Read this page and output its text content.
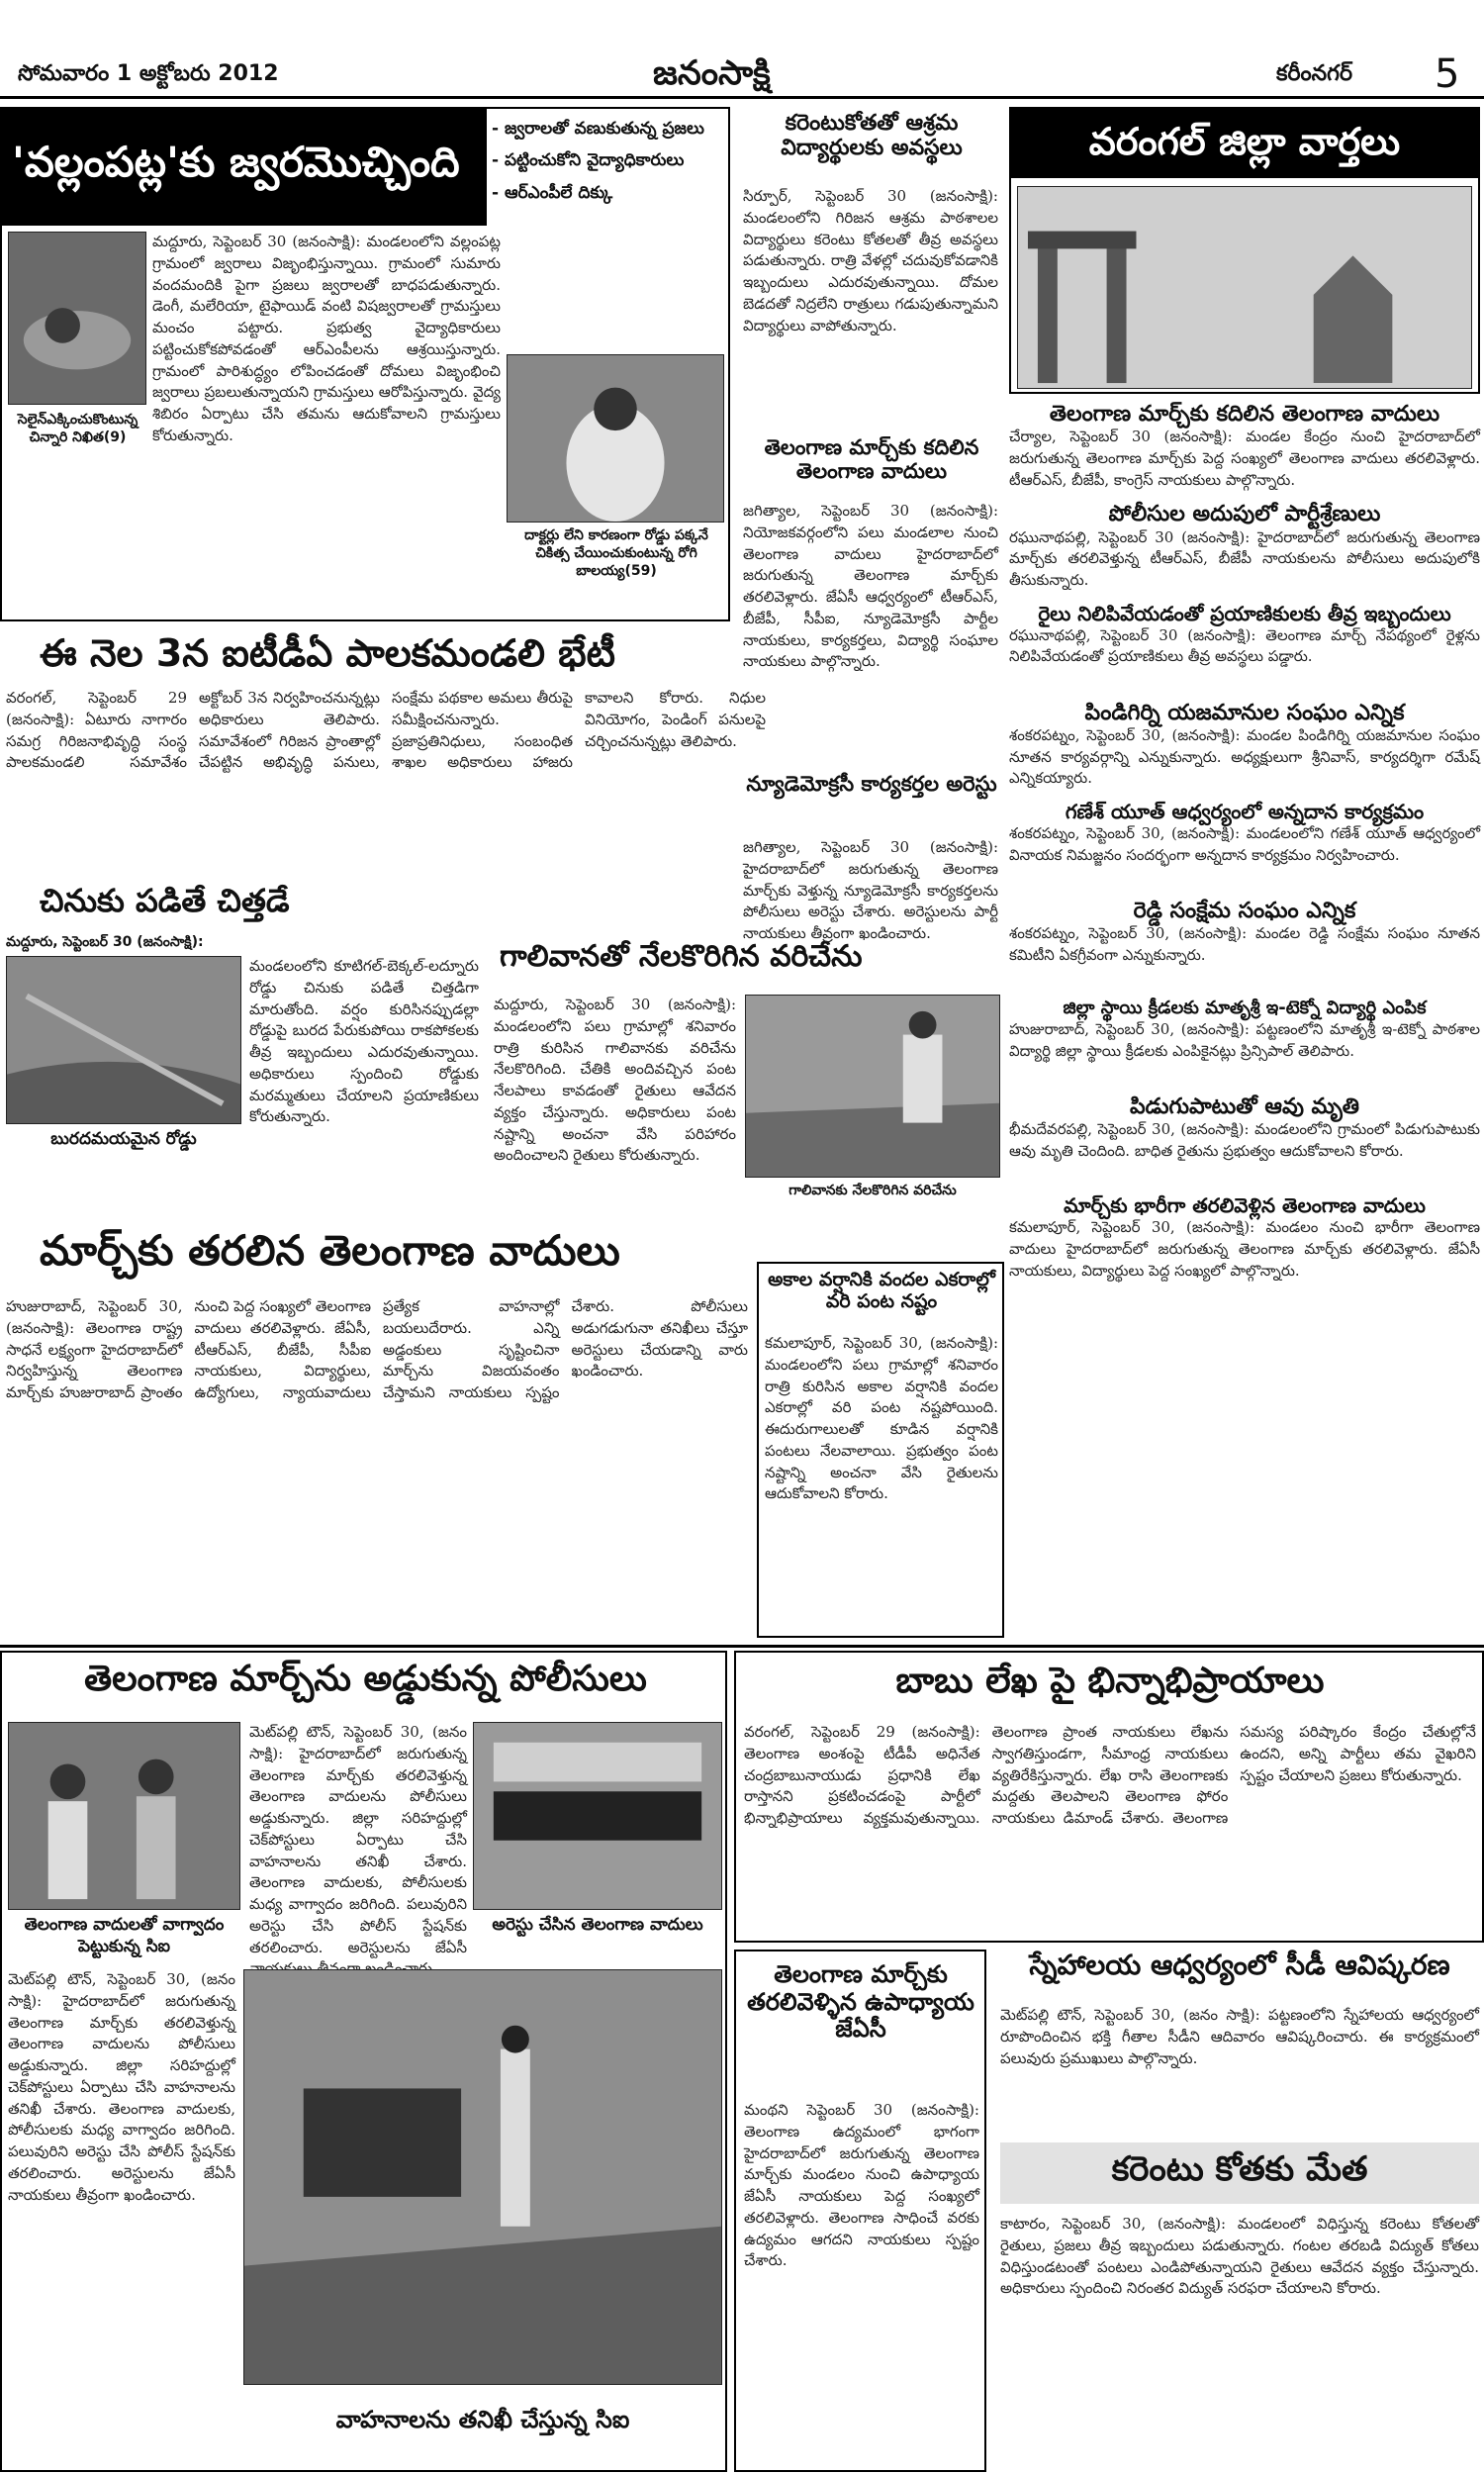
సోమవారం 1 అక్టోబరు 2012	జనంసాక్షి	కరీంనగర్ 5
'వల్లంపట్ల'కు జ్వరమొచ్చింది
- జ్వరాలతో వణుకుతున్న ప్రజలు
- పట్టించుకోని వైద్యాధికారులు
- ఆర్ఎంపీలే దిక్కు
సెలైన్‌ఎక్కించుకొంటున్న చిన్నారి నిఖిత(9)
మద్దూరు, సెప్టెంబర్ 30 (జనంసాక్షి): మండలంలోని వల్లంపట్ల గ్రామంలో జ్వరాలు విజృంభిస్తున్నాయి. గ్రామంలో సుమారు వందమందికి పైగా ప్రజలు జ్వరాలతో బాధపడుతున్నారు. డెంగీ, మలేరియా, టైఫాయిడ్ వంటి విషజ్వరాలతో గ్రామస్తులు మంచం పట్టారు. ప్రభుత్వ వైద్యాధికారులు పట్టించుకోకపోవడంతో ఆర్ఎంపీలను ఆశ్రయిస్తున్నారు. గ్రామంలో పారిశుద్ధ్యం లోపించడంతో దోమలు విజృంభించి జ్వరాలు ప్రబలుతున్నాయని గ్రామస్తులు ఆరోపిస్తున్నారు. వైద్య శిబిరం ఏర్పాటు చేసి తమను ఆదుకోవాలని గ్రామస్తులు కోరుతున్నారు.
దాక్టర్లు లేని కారణంగా రోడ్డు పక్కనే చికిత్స చేయించుకుంటున్న రోగి బాలయ్య(59)
ఈ నెల 3న ఐటీడీఏ పాలకమండలి భేటీ
వరంగల్, సెప్టెంబర్ 29 (జనంసాక్షి): ఏటూరు నాగారం సమగ్ర గిరిజనాభివృద్ధి సంస్థ పాలకమండలి సమావేశం అక్టోబర్ 3న నిర్వహించనున్నట్లు అధికారులు తెలిపారు. సమావేశంలో గిరిజన ప్రాంతాల్లో చేపట్టిన అభివృద్ధి పనులు, సంక్షేమ పథకాల అమలు తీరుపై సమీక్షించనున్నారు. ప్రజాప్రతినిధులు, సంబంధిత శాఖల అధికారులు హాజరు కావాలని కోరారు. నిధుల వినియోగం, పెండింగ్ పనులపై చర్చించనున్నట్లు తెలిపారు.
చినుకు పడితే చిత్తడే
మద్దూరు, సెప్టెంబర్ 30 (జనంసాక్షి):
బురదమయమైన రోడ్డు
మండలంలోని కూటిగల్-బెక్కల్-లద్నూరు రోడ్డు చినుకు పడితే చిత్తడిగా మారుతోంది. వర్షం కురిసినప్పుడల్లా రోడ్డుపై బురద పేరుకుపోయి రాకపోకలకు తీవ్ర ఇబ్బందులు ఎదురవుతున్నాయి. అధికారులు స్పందించి రోడ్డుకు మరమ్మతులు చేయాలని ప్రయాణికులు కోరుతున్నారు.
గాలివానతో నేలకొరిగిన వరిచేను
మద్దూరు, సెప్టెంబర్ 30 (జనంసాక్షి): మండలంలోని పలు గ్రామాల్లో శనివారం రాత్రి కురిసిన గాలివానకు వరిచేను నేలకొరిగింది. చేతికి అందివచ్చిన పంట నేలపాలు కావడంతో రైతులు ఆవేదన వ్యక్తం చేస్తున్నారు. అధికారులు పంట నష్టాన్ని అంచనా వేసి పరిహారం అందించాలని రైతులు కోరుతున్నారు.
గాలివానకు నేలకొరిగిన వరిచేను
కరెంటుకోతతో ఆశ్రమ విద్యార్థులకు అవస్థలు
సిర్పూర్, సెప్టెంబర్ 30 (జనంసాక్షి): మండలంలోని గిరిజన ఆశ్రమ పాఠశాలల విద్యార్థులు కరెంటు కోతలతో తీవ్ర అవస్థలు పడుతున్నారు. రాత్రి వేళల్లో చదువుకోవడానికి ఇబ్బందులు ఎదురవుతున్నాయి. దోమల బెడదతో నిద్రలేని రాత్రులు గడుపుతున్నామని విద్యార్థులు వాపోతున్నారు.
తెలంగాణ మార్చ్‌కు కదిలిన తెలంగాణ వాదులు
జగిత్యాల, సెప్టెంబర్ 30 (జనంసాక్షి): నియోజకవర్గంలోని పలు మండలాల నుంచి తెలంగాణ వాదులు హైదరాబాద్‌లో జరుగుతున్న తెలంగాణ మార్చ్‌కు తరలివెళ్లారు. జేఏసీ ఆధ్వర్యంలో టీఆర్ఎస్, బీజేపీ, సీపీఐ, న్యూడెమోక్రసీ పార్టీల నాయకులు, కార్యకర్తలు, విద్యార్థి సంఘాల నాయకులు పాల్గొన్నారు.
న్యూడెమోక్రసీ కార్యకర్తల అరెస్టు
జగిత్యాల, సెప్టెంబర్ 30 (జనంసాక్షి): హైదరాబాద్‌లో జరుగుతున్న తెలంగాణ మార్చ్‌కు వెళ్తున్న న్యూడెమోక్రసీ కార్యకర్తలను పోలీసులు అరెస్టు చేశారు. అరెస్టులను పార్టీ నాయకులు తీవ్రంగా ఖండించారు.
మార్చ్‌కు తరలిన తెలంగాణ వాదులు
హుజురాబాద్, సెప్టెంబర్ 30, (జనంసాక్షి): తెలంగాణ రాష్ట్ర సాధనే లక్ష్యంగా హైదరాబాద్‌లో నిర్వహిస్తున్న తెలంగాణ మార్చ్‌కు హుజురాబాద్ ప్రాంతం నుంచి పెద్ద సంఖ్యలో తెలంగాణ వాదులు తరలివెళ్లారు. జేఏసీ, టీఆర్ఎస్, బీజేపీ, సీపీఐ నాయకులు, విద్యార్థులు, ఉద్యోగులు, న్యాయవాదులు ప్రత్యేక వాహనాల్లో బయలుదేరారు. ఎన్ని అడ్డంకులు సృష్టించినా మార్చ్‌ను విజయవంతం చేస్తామని నాయకులు స్పష్టం చేశారు. పోలీసులు అడుగడుగునా తనిఖీలు చేస్తూ అరెస్టులు చేయడాన్ని వారు ఖండించారు.
అకాల వర్షానికి వందల ఎకరాల్లో వరి పంట నష్టం
కమలాపూర్, సెప్టెంబర్ 30, (జనంసాక్షి): మండలంలోని పలు గ్రామాల్లో శనివారం రాత్రి కురిసిన అకాల వర్షానికి వందల ఎకరాల్లో వరి పంట నష్టపోయింది. ఈదురుగాలులతో కూడిన వర్షానికి పంటలు నేలవాలాయి. ప్రభుత్వం పంట నష్టాన్ని అంచనా వేసి రైతులను ఆదుకోవాలని కోరారు.
వరంగల్ జిల్లా వార్తలు
తెలంగాణ మార్చ్‌కు కదిలిన తెలంగాణ వాదులు
చేర్యాల, సెప్టెంబర్ 30 (జనంసాక్షి): మండల కేంద్రం నుంచి హైదరాబాద్‌లో జరుగుతున్న తెలంగాణ మార్చ్‌కు పెద్ద సంఖ్యలో తెలంగాణ వాదులు తరలివెళ్లారు. టీఆర్ఎస్, బీజేపీ, కాంగ్రెస్ నాయకులు పాల్గొన్నారు.
పోలీసుల అదుపులో పార్టీశ్రేణులు
రఘునాథపల్లి, సెప్టెంబర్ 30 (జనంసాక్షి): హైదరాబాద్‌లో జరుగుతున్న తెలంగాణ మార్చ్‌కు తరలివెళ్తున్న టీఆర్ఎస్, బీజేపీ నాయకులను పోలీసులు అదుపులోకి తీసుకున్నారు.
రైలు నిలిపివేయడంతో ప్రయాణికులకు తీవ్ర ఇబ్బందులు
రఘునాథపల్లి, సెప్టెంబర్ 30 (జనంసాక్షి): తెలంగాణ మార్చ్ నేపథ్యంలో రైళ్లను నిలిపివేయడంతో ప్రయాణికులు తీవ్ర అవస్థలు పడ్డారు.
పిండిగిర్ని యజమానుల సంఘం ఎన్నిక
శంకరపట్నం, సెప్టెంబర్ 30, (జనంసాక్షి): మండల పిండిగిర్ని యజమానుల సంఘం నూతన కార్యవర్గాన్ని ఎన్నుకున్నారు. అధ్యక్షులుగా శ్రీనివాస్, కార్యదర్శిగా రమేష్ ఎన్నికయ్యారు.
గణేశ్ యూత్ ఆధ్వర్యంలో అన్నదాన కార్యక్రమం
శంకరపట్నం, సెప్టెంబర్ 30, (జనంసాక్షి): మండలంలోని గణేశ్ యూత్ ఆధ్వర్యంలో వినాయక నిమజ్జనం సందర్భంగా అన్నదాన కార్యక్రమం నిర్వహించారు.
రెడ్డి సంక్షేమ సంఘం ఎన్నిక
శంకరపట్నం, సెప్టెంబర్ 30, (జనంసాక్షి): మండల రెడ్డి సంక్షేమ సంఘం నూతన కమిటీని ఏకగ్రీవంగా ఎన్నుకున్నారు.
జిల్లా స్థాయి క్రీడలకు మాతృశ్రీ ఇ-టెక్నో విద్యార్థి ఎంపిక
హుజురాబాద్, సెప్టెంబర్ 30, (జనంసాక్షి): పట్టణంలోని మాతృశ్రీ ఇ-టెక్నో పాఠశాల విద్యార్థి జిల్లా స్థాయి క్రీడలకు ఎంపికైనట్లు ప్రిన్సిపాల్ తెలిపారు.
పిడుగుపాటుతో ఆవు మృతి
భీమదేవరపల్లి, సెప్టెంబర్ 30, (జనంసాక్షి): మండలంలోని గ్రామంలో పిడుగుపాటుకు ఆవు మృతి చెందింది. బాధిత రైతును ప్రభుత్వం ఆదుకోవాలని కోరారు.
మార్చ్‌కు భారీగా తరలివెళ్లిన తెలంగాణ వాదులు
కమలాపూర్, సెప్టెంబర్ 30, (జనంసాక్షి): మండలం నుంచి భారీగా తెలంగాణ వాదులు హైదరాబాద్‌లో జరుగుతున్న తెలంగాణ మార్చ్‌కు తరలివెళ్లారు. జేఏసీ నాయకులు, విద్యార్థులు పెద్ద సంఖ్యలో పాల్గొన్నారు.
తెలంగాణ మార్చ్‌ను అడ్డుకున్న పోలీసులు
తెలంగాణ వాదులతో వాగ్వాదం పెట్టుకున్న సిఐ
మెట్‌పల్లి టౌన్, సెప్టెంబర్ 30, (జనం సాక్షి): హైదరాబాద్‌లో జరుగుతున్న తెలంగాణ మార్చ్‌కు తరలివెళ్తున్న తెలంగాణ వాదులను పోలీసులు అడ్డుకున్నారు. జిల్లా సరిహద్దుల్లో చెక్‌పోస్టులు ఏర్పాటు చేసి వాహనాలను తనిఖీ చేశారు. తెలంగాణ వాదులకు, పోలీసులకు మధ్య వాగ్వాదం జరిగింది. పలువురిని అరెస్టు చేసి పోలీస్ స్టేషన్‌కు తరలించారు. అరెస్టులను జేఏసీ
అరెస్టు చేసిన తెలంగాణ వాదులు
మెట్‌పల్లి టౌన్, సెప్టెంబర్ 30, (జనం సాక్షి): హైదరాబాద్‌లో జరుగుతున్న తెలంగాణ మార్చ్‌కు తరలివెళ్తున్న తెలంగాణ వాదులను పోలీసులు అడ్డుకున్నారు. జిల్లా సరిహద్దుల్లో చెక్‌పోస్టులు ఏర్పాటు చేసి వాహనాలను తనిఖీ చేశారు. తెలంగాణ వాదులకు, పోలీసులకు మధ్య వాగ్వాదం జరిగింది. పలువురిని అరెస్టు చేసి పోలీస్ స్టేషన్‌కు తరలించారు. అరెస్టులను జేఏసీ నాయకులు తీవ్రంగా ఖండించారు.
వాహనాలను తనిఖీ చేస్తున్న సిఐ
బాబు లేఖ పై భిన్నాభిప్రాయాలు
వరంగల్, సెప్టెంబర్ 29 (జనంసాక్షి): తెలంగాణ అంశంపై టీడీపీ అధినేత చంద్రబాబునాయుడు ప్రధానికి లేఖ రాస్తానని ప్రకటించడంపై పార్టీలో భిన్నాభిప్రాయాలు వ్యక్తమవుతున్నాయి. తెలంగాణ ప్రాంత నాయకులు లేఖను స్వాగతిస్తుండగా, సీమాంధ్ర నాయకులు వ్యతిరేకిస్తున్నారు. లేఖ రాసి తెలంగాణకు మద్దతు తెలపాలని తెలంగాణ ఫోరం నాయకులు డిమాండ్ చేశారు. తెలంగాణ సమస్య పరిష్కారం కేంద్రం చేతుల్లోనే ఉందని, అన్ని పార్టీలు తమ వైఖరిని స్పష్టం చేయాలని ప్రజలు కోరుతున్నారు.
తెలంగాణ మార్చ్‌కు తరలివెళ్ళిన ఉపాధ్యాయ జేఏసీ
మంథని సెప్టెంబర్ 30 (జనంసాక్షి): తెలంగాణ ఉద్యమంలో భాగంగా హైదరాబాద్‌లో జరుగుతున్న తెలంగాణ మార్చ్‌కు మండలం నుంచి ఉపాధ్యాయ జేఏసీ నాయకులు పెద్ద సంఖ్యలో తరలివెళ్లారు. తెలంగాణ సాధించే వరకు ఉద్యమం ఆగదని నాయకులు స్పష్టం చేశారు.
స్నేహాలయ ఆధ్వర్యంలో సీడీ ఆవిష్కరణ
మెట్‌పల్లి టౌన్, సెప్టెంబర్ 30, (జనం సాక్షి): పట్టణంలోని స్నేహాలయ ఆధ్వర్యంలో రూపొందించిన భక్తి గీతాల సీడీని ఆదివారం ఆవిష్కరించారు. ఈ కార్యక్రమంలో పలువురు ప్రముఖులు పాల్గొన్నారు.
కరెంటు కోతకు మేత
కాటారం, సెప్టెంబర్ 30, (జనంసాక్షి): మండలంలో విధిస్తున్న కరెంటు కోతలతో రైతులు, ప్రజలు తీవ్ర ఇబ్బందులు పడుతున్నారు. గంటల తరబడి విద్యుత్ కోతలు విధిస్తుండటంతో పంటలు ఎండిపోతున్నాయని రైతులు ఆవేదన వ్యక్తం చేస్తున్నారు. అధికారులు స్పందించి నిరంతర విద్యుత్ సరఫరా చేయాలని కోరారు.
